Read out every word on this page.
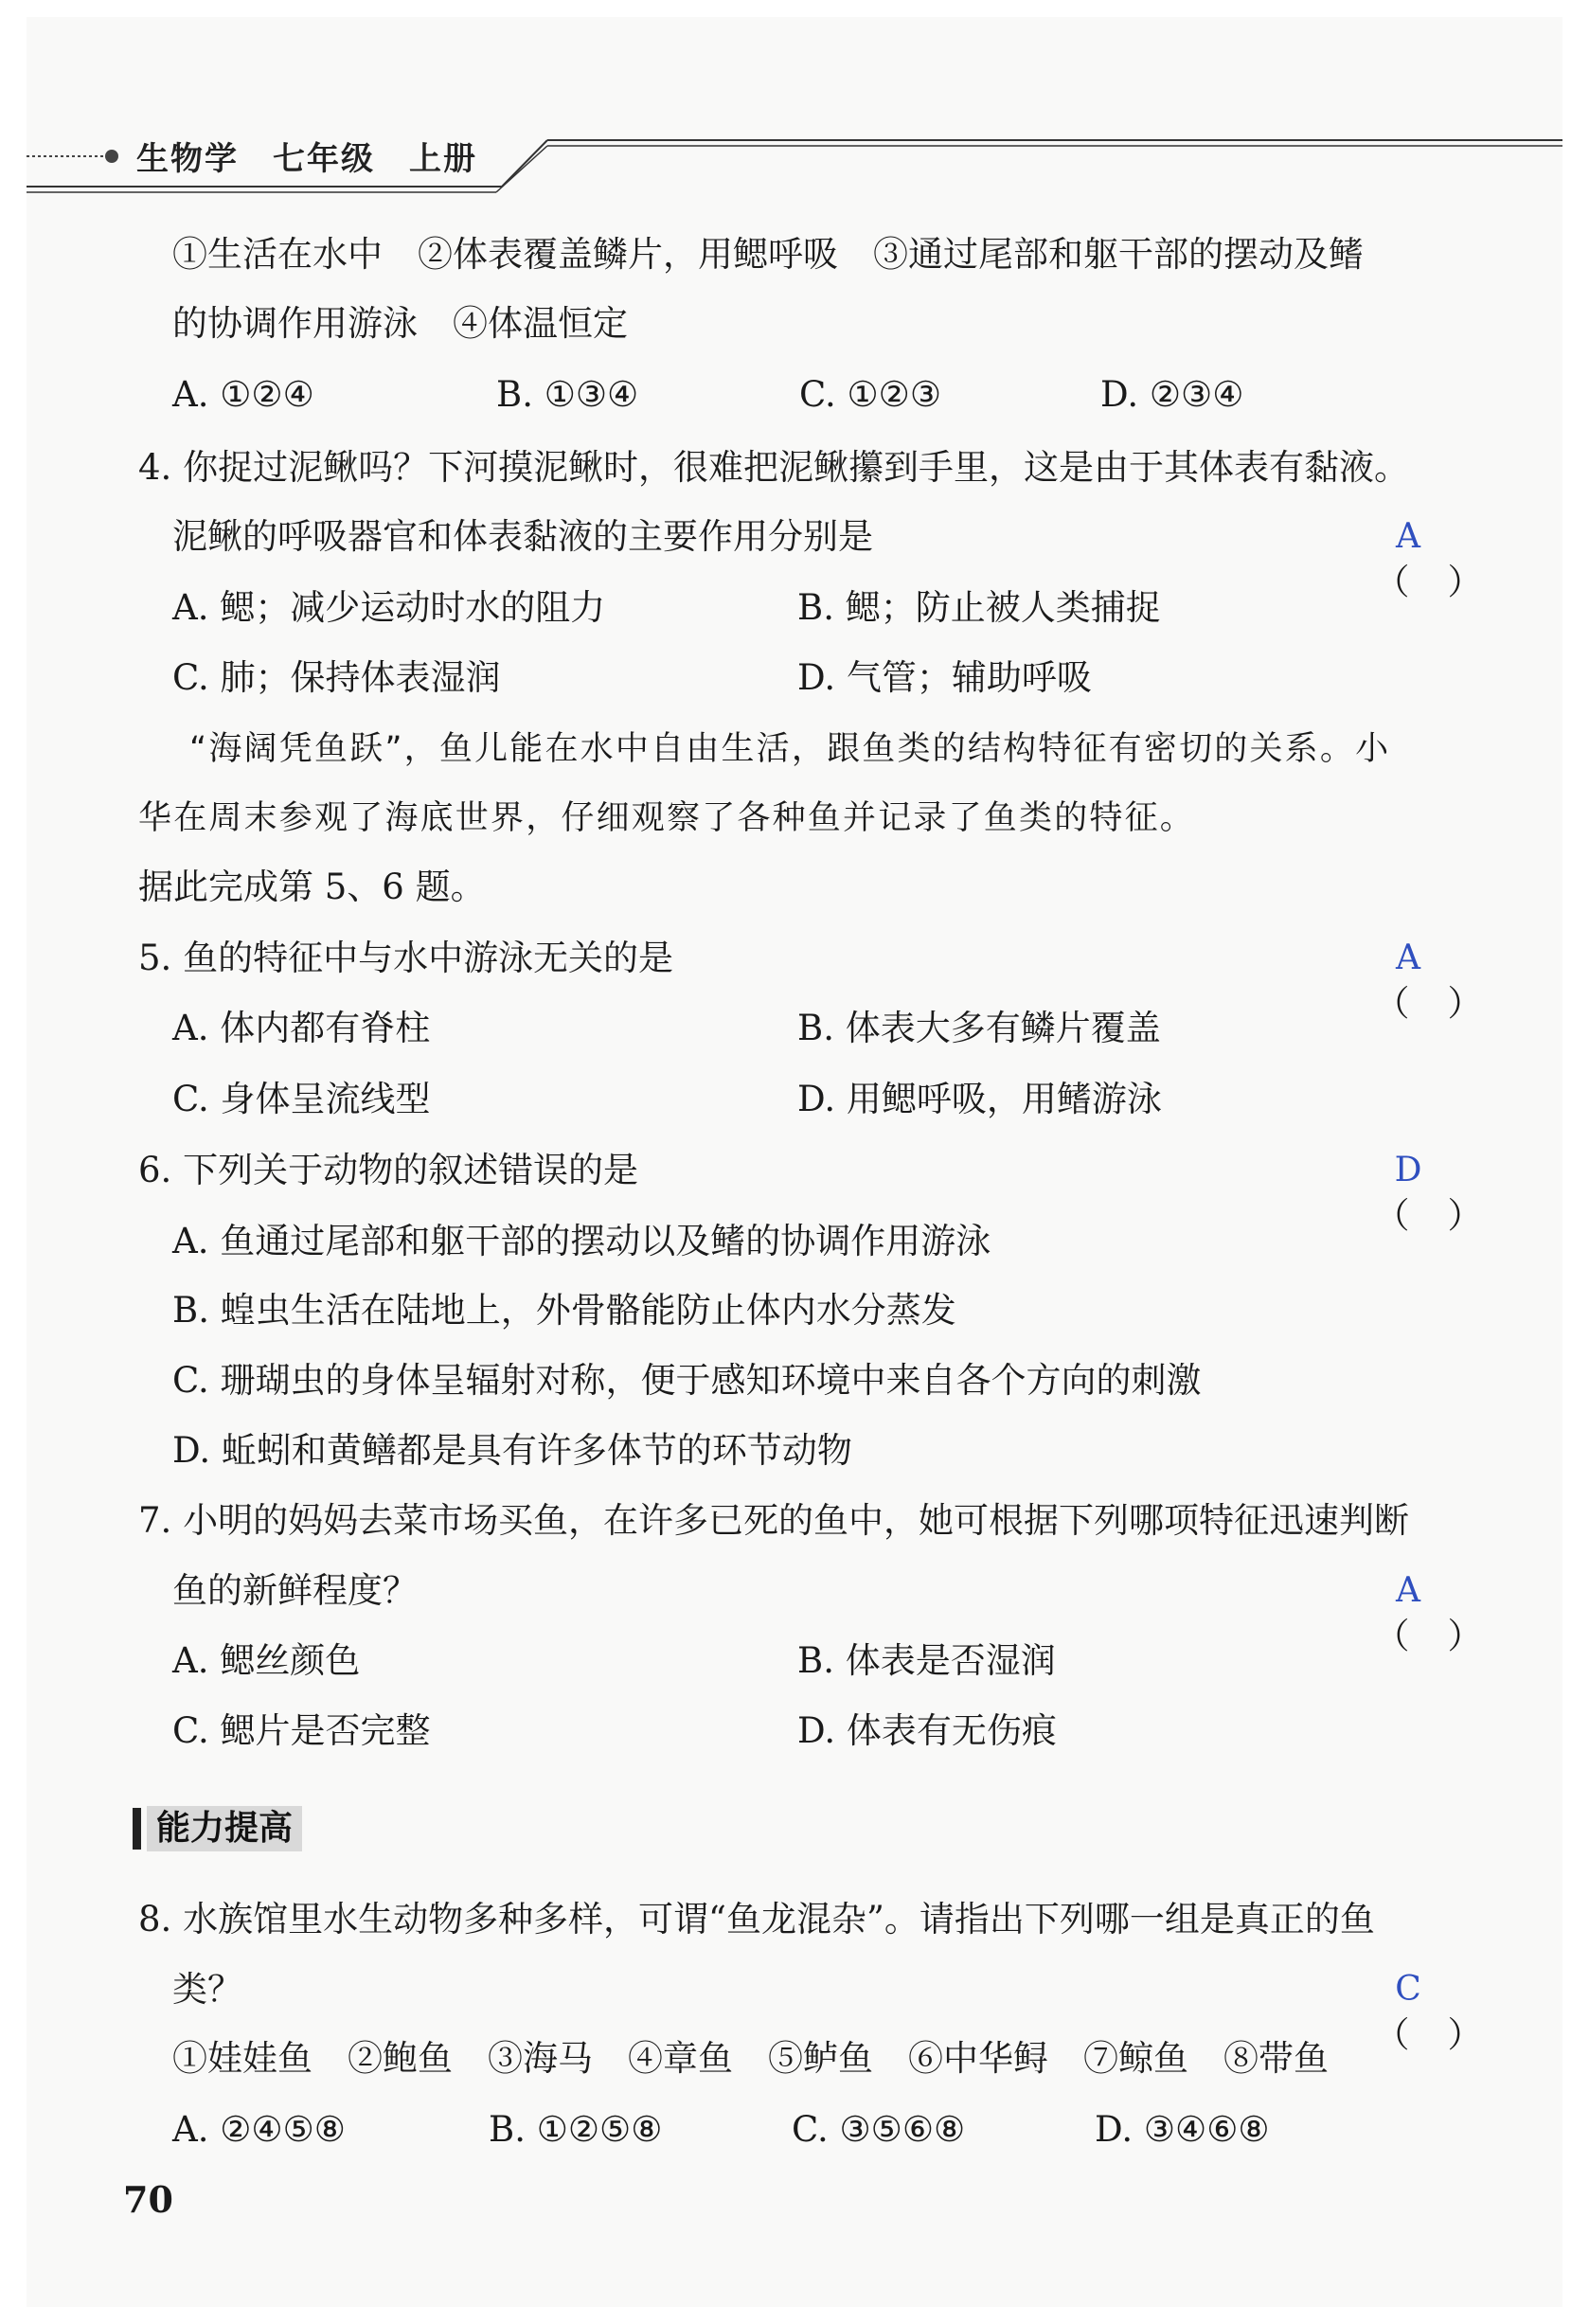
生物学　七年级　上册
①生活在水中　②体表覆盖鳞片，用鳃呼吸　③通过尾部和躯干部的摆动及鳍
的协调作用游泳　④体温恒定
A. ①②④	B. ①③④	C. ①②③	D. ②③④
4. 你捉过泥鳅吗？下河摸泥鳅时，很难把泥鳅攥到手里，这是由于其体表有黏液。
泥鳅的呼吸器官和体表黏液的主要作用分别是

（ ）

A

A. 鳃；减少运动时水的阻力	B. 鳃；防止被人类捕捉
C. 肺；保持体表湿润	D. 气管；辅助呼吸
“海阔凭鱼跃”，鱼儿能在水中自由生活，跟鱼类的结构特征有密切的关系。小
华在周末参观了海底世界，仔细观察了各种鱼并记录了鱼类的特征。
据此完成第 5、6 题。
5. 鱼的特征中与水中游泳无关的是

（ ）

A

A. 体内都有脊柱	B. 体表大多有鳞片覆盖
C. 身体呈流线型	D. 用鳃呼吸，用鳍游泳
6. 下列关于动物的叙述错误的是

（ ）

D

A. 鱼通过尾部和躯干部的摆动以及鳍的协调作用游泳
B. 蝗虫生活在陆地上，外骨骼能防止体内水分蒸发
C. 珊瑚虫的身体呈辐射对称，便于感知环境中来自各个方向的刺激
D. 蚯蚓和黄鳝都是具有许多体节的环节动物
7. 小明的妈妈去菜市场买鱼，在许多已死的鱼中，她可根据下列哪项特征迅速判断
鱼的新鲜程度？

（ ）

A

A. 鳃丝颜色	B. 体表是否湿润
C. 鳃片是否完整	D. 体表有无伤痕
能力提高
8. 水族馆里水生动物多种多样，可谓“鱼龙混杂”。请指出下列哪一组是真正的鱼
类？

（ ）

C

①娃娃鱼　②鲍鱼　③海马　④章鱼　⑤鲈鱼　⑥中华鲟　⑦鲸鱼　⑧带鱼
A. ②④⑤⑧	B. ①②⑤⑧	C. ③⑤⑥⑧	D. ③④⑥⑧
70
